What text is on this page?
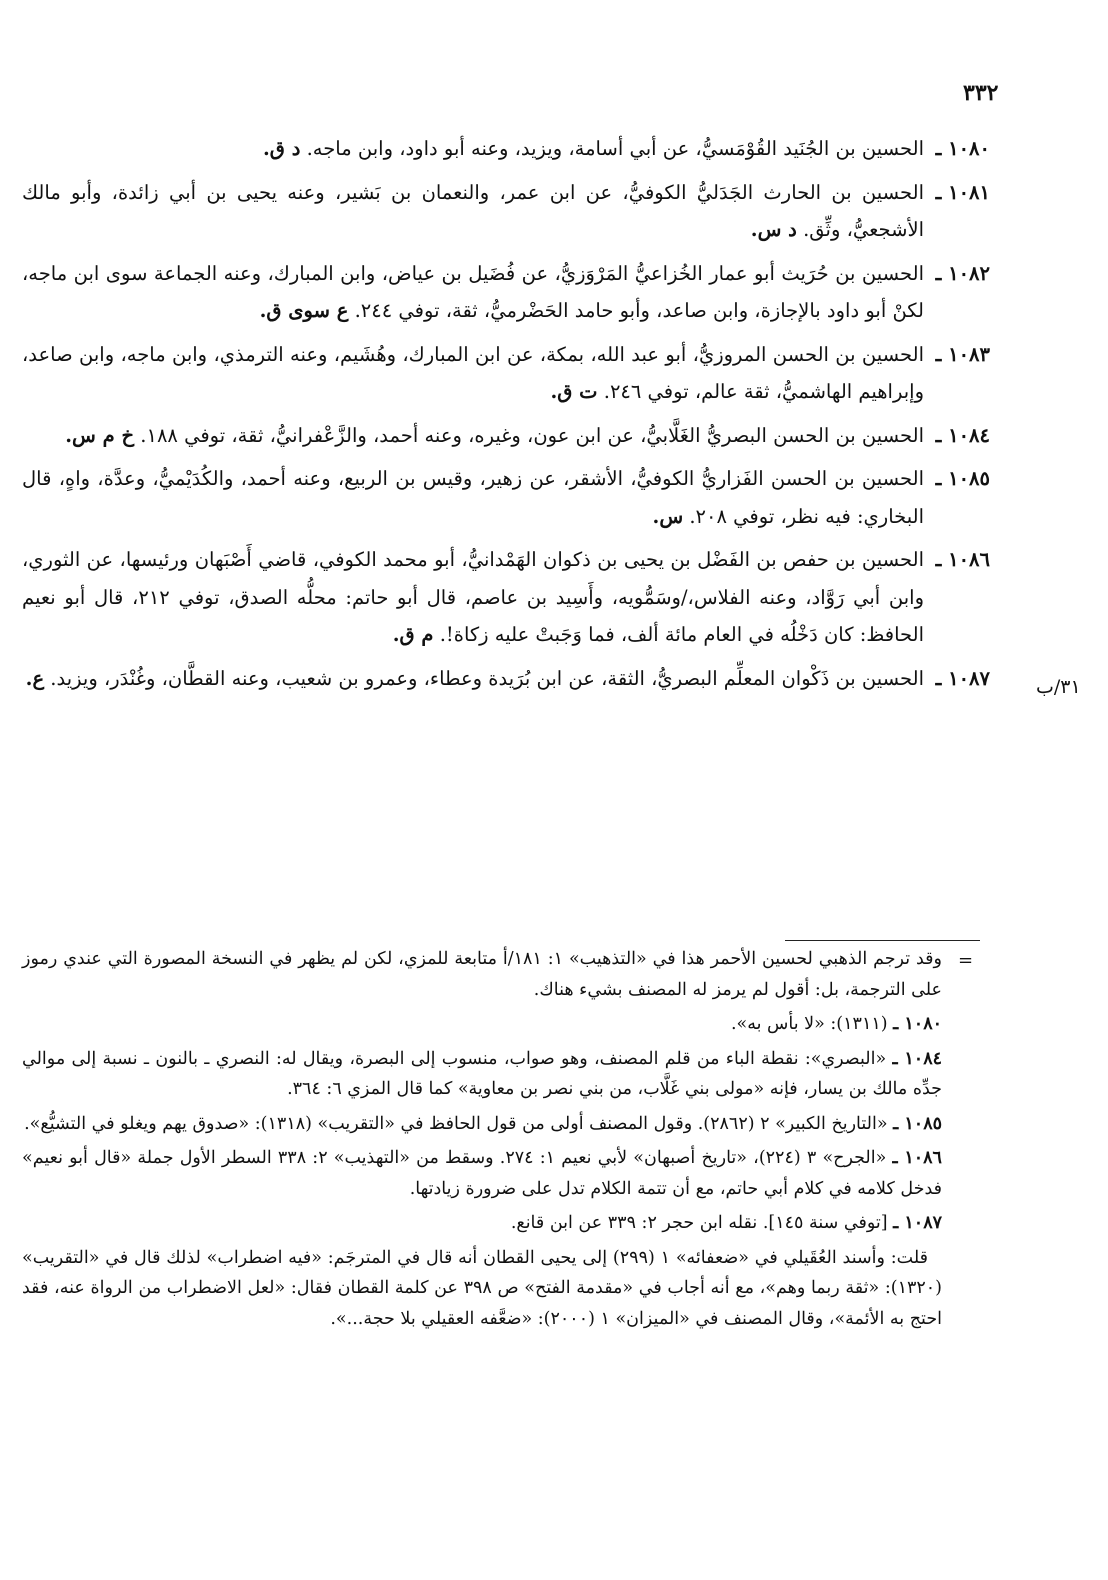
٣٣٢
١٠٨٠ ـ
الحسين بن الجُنَيد القُوْمَسيُّ، عن أبي أسامة، ويزيد، وعنه أبو داود، وابن ماجه. د ق.
١٠٨١ ـ
الحسين بن الحارث الجَدَليُّ الكوفيُّ، عن ابن عمر، والنعمان بن بَشير، وعنه يحيى بن أبي زائدة، وأبو مالك الأشجعيُّ، وثِّق. د س.
١٠٨٢ ـ
الحسين بن حُرَيث أبو عمار الخُزاعيُّ المَرْوَزيُّ، عن فُضَيل بن عياض، وابن المبارك، وعنه الجماعة سوى ابن ماجه، لكنْ أبو داود بالإجازة، وابن صاعد، وأبو حامد الحَضْرميُّ، ثقة، توفي ٢٤٤. ع سوى ق.
١٠٨٣ ـ
الحسين بن الحسن المروزيُّ، أبو عبد الله، بمكة، عن ابن المبارك، وهُشَيم، وعنه الترمذي، وابن ماجه، وابن صاعد، وإبراهيم الهاشميُّ، ثقة عالم، توفي ٢٤٦. ت ق.
١٠٨٤ ـ
الحسين بن الحسن البصريُّ الغَلَّابيُّ، عن ابن عون، وغيره، وعنه أحمد، والزَّعْفرانيُّ، ثقة، توفي ١٨٨. خ م س.
١٠٨٥ ـ
الحسين بن الحسن الفَزاريُّ الكوفيُّ، الأشقر، عن زهير، وقيس بن الربيع، وعنه أحمد، والكُدَيْميُّ، وعدَّة، واهٍ، قال البخاري: فيه نظر، توفي ٢٠٨. س.
١٠٨٦ ـ
الحسين بن حفص بن الفَضْل بن يحيى بن ذكوان الهَمْدانيُّ، أبو محمد الكوفي، قاضي أَصْبَهان ورئيسها، عن الثوري، وابن أبي رَوَّاد، وعنه الفلاس،/وسَمُّويه، وأَسِيد بن عاصم، قال أبو حاتم: محلُّه الصدق، توفي ٢١٢، قال أبو نعيم الحافظ: كان دَخْلُه في العام مائة ألف، فما وَجَبتْ عليه زكاة!. م ق.
١٠٨٧ ـ
الحسين بن ذَكْوان المعلِّم البصريُّ، الثقة، عن ابن بُرَيدة وعطاء، وعمرو بن شعيب، وعنه القطَّان، وغُنْدَر، ويزيد. ع.	٣١/ب
=
وقد ترجم الذهبي لحسين الأحمر هذا في «التذهيب» ١: ١٨١/أ متابعة للمزي، لكن لم يظهر في النسخة المصورة التي عندي رموز على الترجمة، بل: أقول لم يرمز له المصنف بشيء هناك.
١٠٨٠ ـ (١٣١١): «لا بأس به».
١٠٨٤ ـ «البصري»: نقطة الباء من قلم المصنف، وهو صواب، منسوب إلى البصرة، ويقال له: النصري ـ بالنون ـ نسبة إلى موالي جدِّه مالك بن يسار، فإنه «مولى بني غَلَّاب، من بني نصر بن معاوية» كما قال المزي ٦: ٣٦٤.
١٠٨٥ ـ «التاريخ الكبير» ٢ (٢٨٦٢). وقول المصنف أولى من قول الحافظ في «التقريب» (١٣١٨): «صدوق يهم ويغلو في التشيُّع».
١٠٨٦ ـ «الجرح» ٣ (٢٢٤)، «تاريخ أصبهان» لأبي نعيم ١: ٢٧٤. وسقط من «التهذيب» ٢: ٣٣٨ السطر الأول جملة «قال أبو نعيم» فدخل كلامه في كلام أبي حاتم، مع أن تتمة الكلام تدل على ضرورة زيادتها.
١٠٨٧ ـ [توفي سنة ١٤٥]. نقله ابن حجر ٢: ٣٣٩ عن ابن قانع.
قلت: وأسند العُقَيلي في «ضعفائه» ١ (٢٩٩) إلى يحيى القطان أنه قال في المترجَم: «فيه اضطراب» لذلك قال في «التقريب» (١٣٢٠): «ثقة ربما وهم»، مع أنه أجاب في «مقدمة الفتح» ص ٣٩٨ عن كلمة القطان فقال: «لعل الاضطراب من الرواة عنه، فقد احتج به الأئمة»، وقال المصنف في «الميزان» ١ (٢٠٠٠): «ضعَّفه العقيلي بلا حجة...».
